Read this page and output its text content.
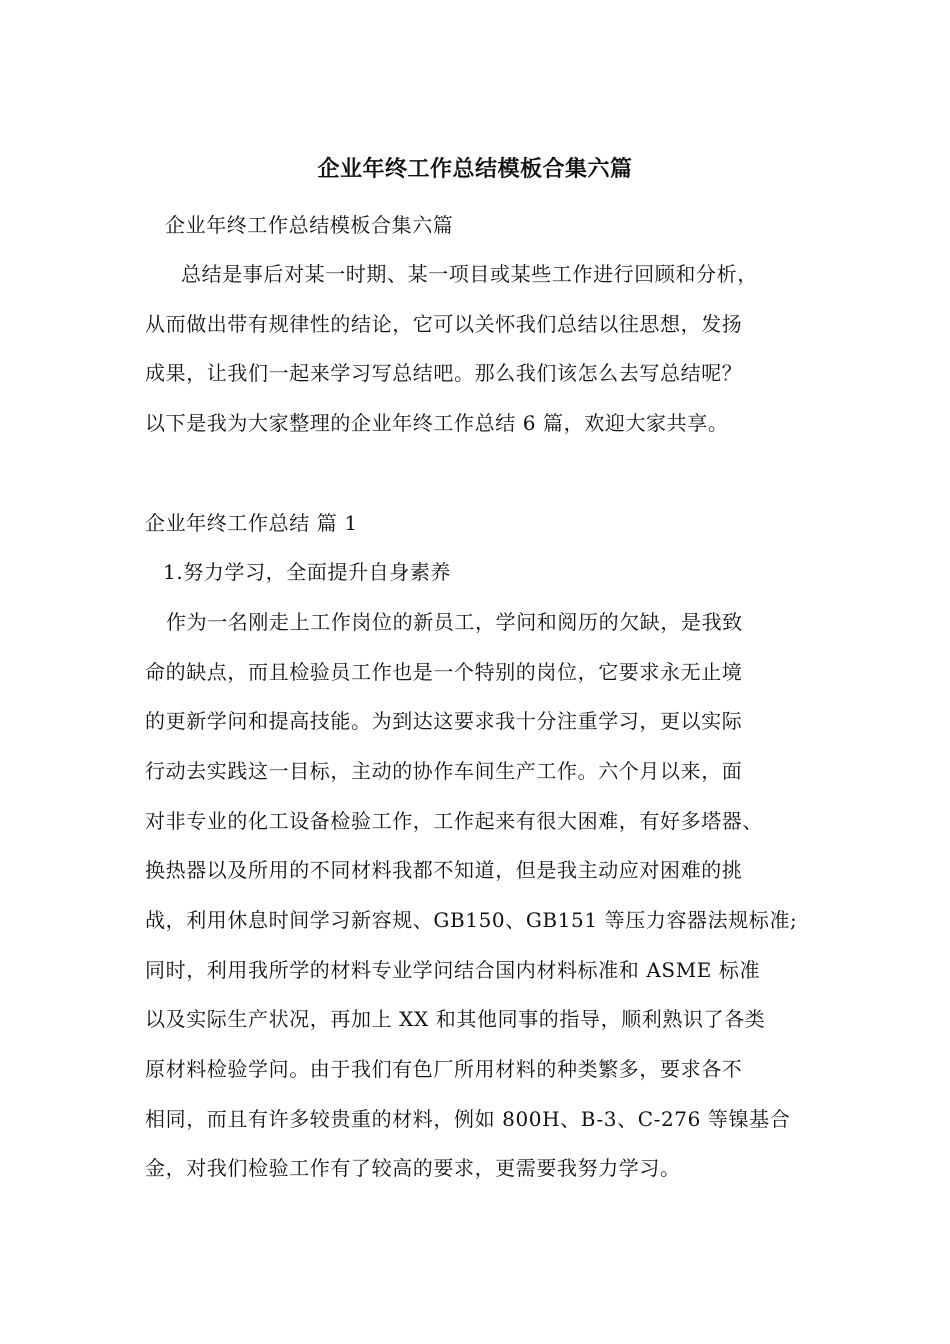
企业年终工作总结模板合集六篇
企业年终工作总结模板合集六篇
总结是事后对某一时期、某一项目或某些工作进行回顾和分析，
从而做出带有规律性的结论，它可以关怀我们总结以往思想，发扬
成果，让我们一起来学习写总结吧。那么我们该怎么去写总结呢？
以下是我为大家整理的企业年终工作总结 6 篇，欢迎大家共享。
企业年终工作总结 篇 1
1.努力学习，全面提升自身素养
作为一名刚走上工作岗位的新员工，学问和阅历的欠缺，是我致
命的缺点，而且检验员工作也是一个特别的岗位，它要求永无止境
的更新学问和提高技能。为到达这要求我十分注重学习，更以实际
行动去实践这一目标，主动的协作车间生产工作。六个月以来，面
对非专业的化工设备检验工作，工作起来有很大困难，有好多塔器、
换热器以及所用的不同材料我都不知道，但是我主动应对困难的挑
战，利用休息时间学习新容规、GB150、GB151 等压力容器法规标准;
同时，利用我所学的材料专业学问结合国内材料标准和 ASME 标准
以及实际生产状况，再加上 XX 和其他同事的指导，顺利熟识了各类
原材料检验学问。由于我们有色厂所用材料的种类繁多，要求各不
相同，而且有许多较贵重的材料，例如 800H、B-3、C-276 等镍基合
金，对我们检验工作有了较高的要求，更需要我努力学习。
